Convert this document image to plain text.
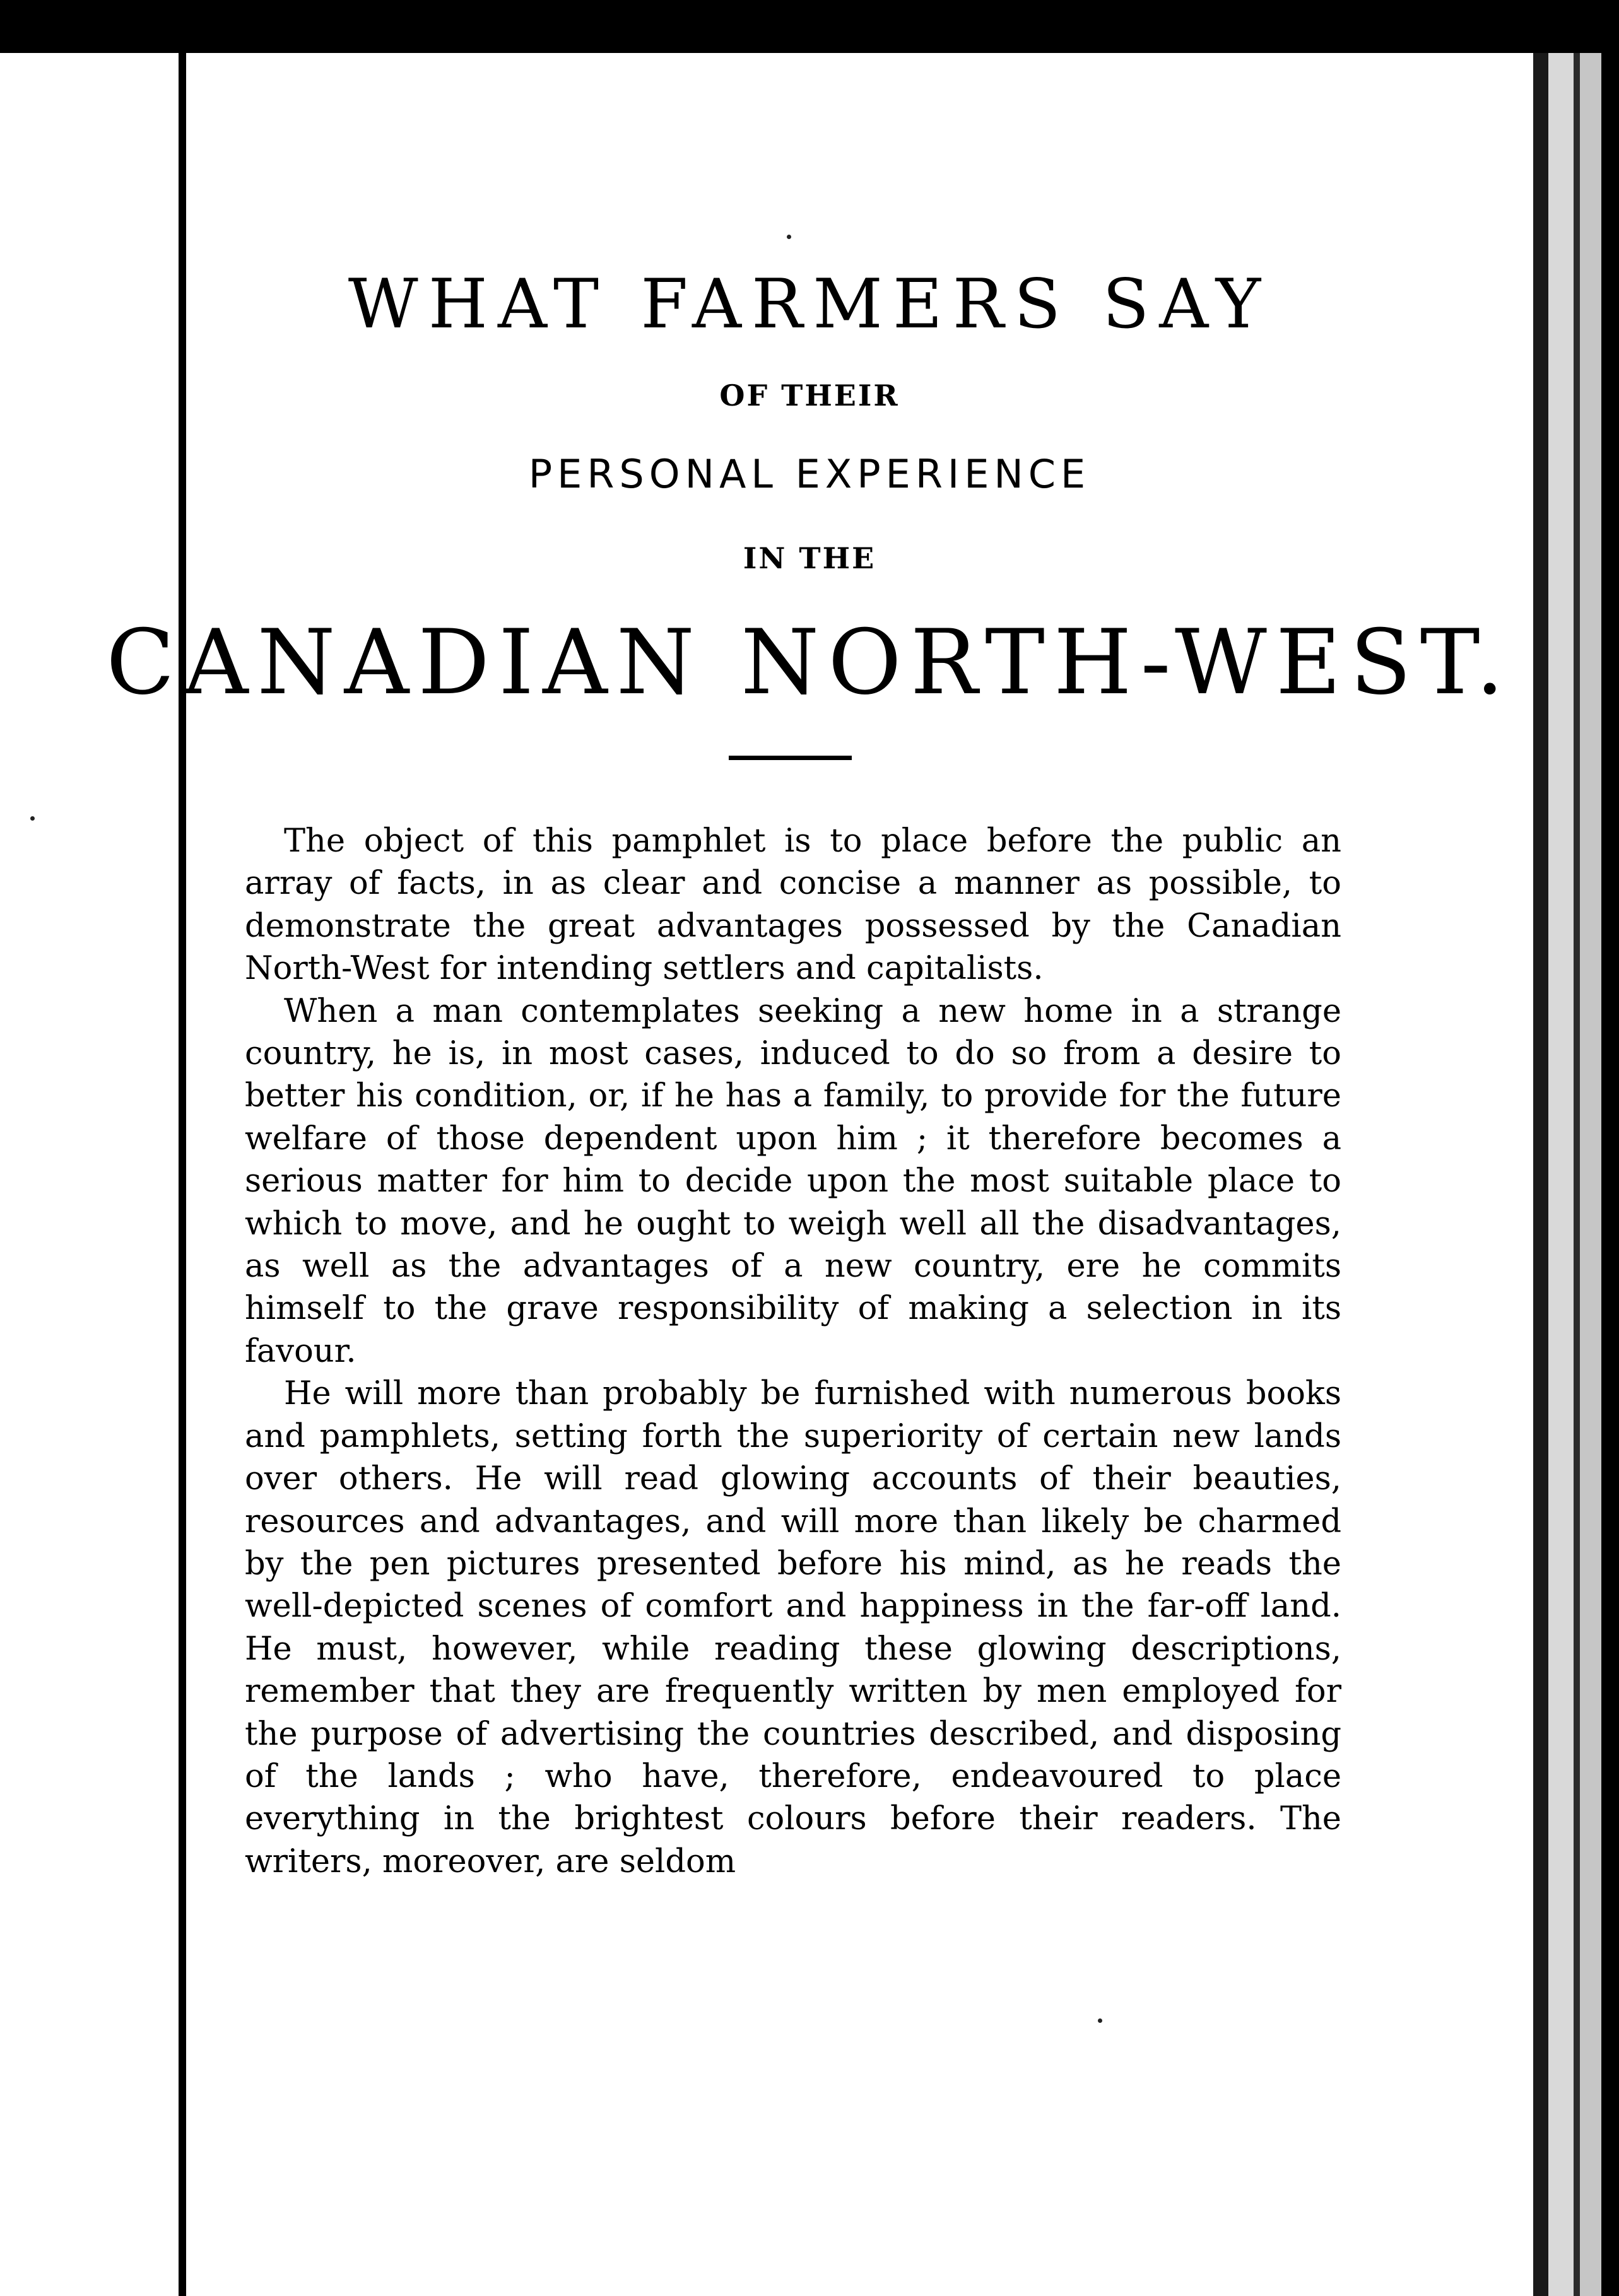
WHAT FARMERS SAY
OF THEIR
PERSONAL EXPERIENCE
IN THE
CANADIAN NORTH-WEST.

The object of this pamphlet is to place before the public an array of facts, in as clear and concise a manner as possible, to demonstrate the great advantages possessed by the Canadian North-West for intending settlers and capitalists.

When a man contemplates seeking a new home in a strange country, he is, in most cases, induced to do so from a desire to better his condition, or, if he has a family, to provide for the future welfare of those dependent upon him ; it therefore becomes a serious matter for him to decide upon the most suitable place to which to move, and he ought to weigh well all the disadvantages, as well as the advantages of a new country, ere he commits himself to the grave responsibility of making a selection in its favour.

He will more than probably be furnished with numerous books and pamphlets, setting forth the superiority of certain new lands over others. He will read glowing accounts of their beauties, resources and advantages, and will more than likely be charmed by the pen pictures presented before his mind, as he reads the well-depicted scenes of comfort and happiness in the far-off land. He must, however, while reading these glowing descriptions, remember that they are frequently written by men employed for the purpose of advertising the countries described, and disposing of the lands ; who have, therefore, endeavoured to place everything in the brightest colours before their readers. The writers, moreover, are seldom
